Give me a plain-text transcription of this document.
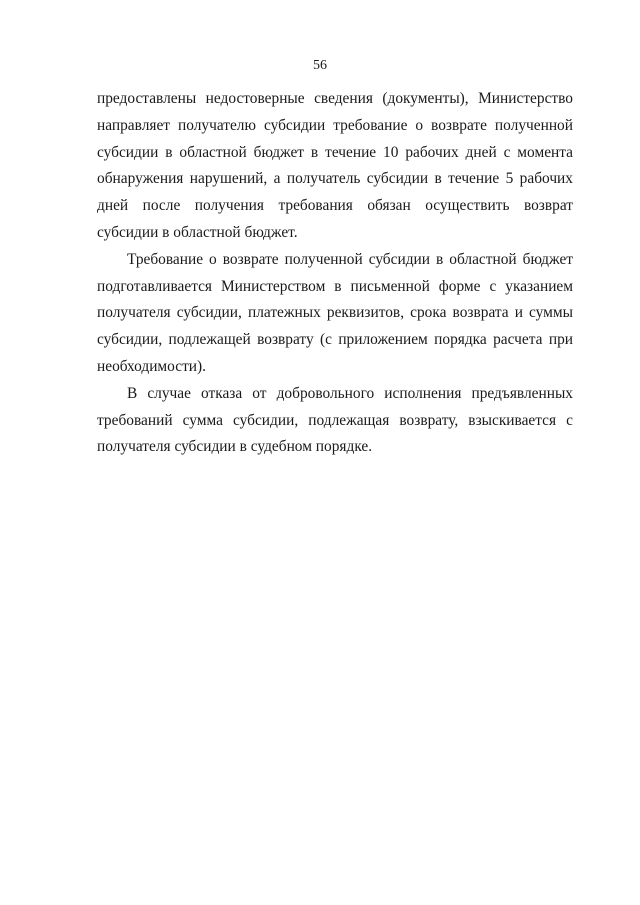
56

предоставлены недостоверные сведения (документы), Министерство направляет получателю субсидии требование о возврате полученной субсидии в областной бюджет в течение 10 рабочих дней с момента обнаружения нарушений, а получатель субсидии в течение 5 рабочих дней после получения требования обязан осуществить возврат субсидии в областной бюджет.

Требование о возврате полученной субсидии в областной бюджет подготавливается Министерством в письменной форме с указанием получателя субсидии, платежных реквизитов, срока возврата и суммы субсидии, подлежащей возврату (с приложением порядка расчета при необходимости).

В случае отказа от добровольного исполнения предъявленных требований сумма субсидии, подлежащая возврату, взыскивается с получателя субсидии в судебном порядке.
